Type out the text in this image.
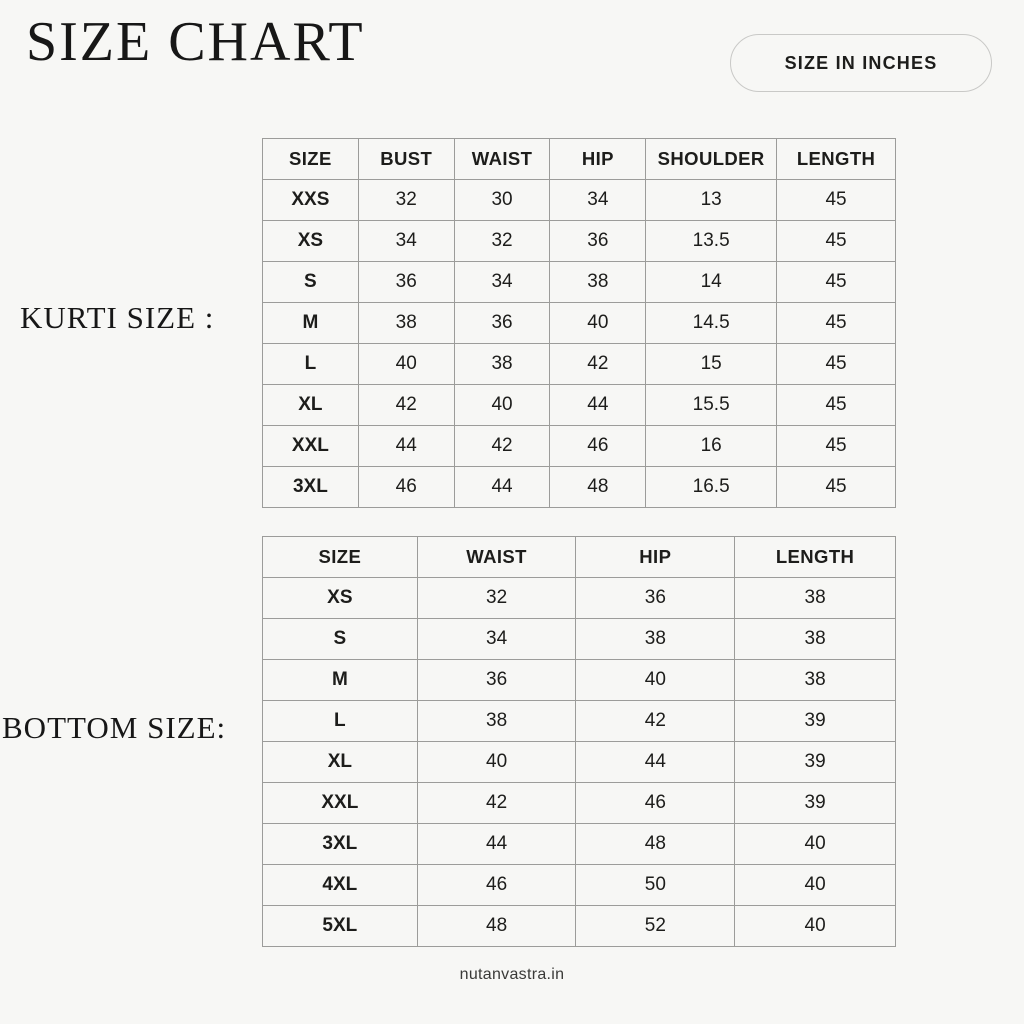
SIZE CHART	SIZE IN INCHES
KURTI SIZE :
BOTTOM SIZE:
SIZE	BUST	WAIST	HIP	SHOULDER	LENGTH
XXS	32	30	34	13	45
XS	34	32	36	13.5	45
S	36	34	38	14	45
M	38	36	40	14.5	45
L	40	38	42	15	45
XL	42	40	44	15.5	45
XXL	44	42	46	16	45
3XL	46	44	48	16.5	45
SIZE	WAIST	HIP	LENGTH
XS	32	36	38
S	34	38	38
M	36	40	38
L	38	42	39
XL	40	44	39
XXL	42	46	39
3XL	44	48	40
4XL	46	50	40
5XL	48	52	40
nutanvastra.in
